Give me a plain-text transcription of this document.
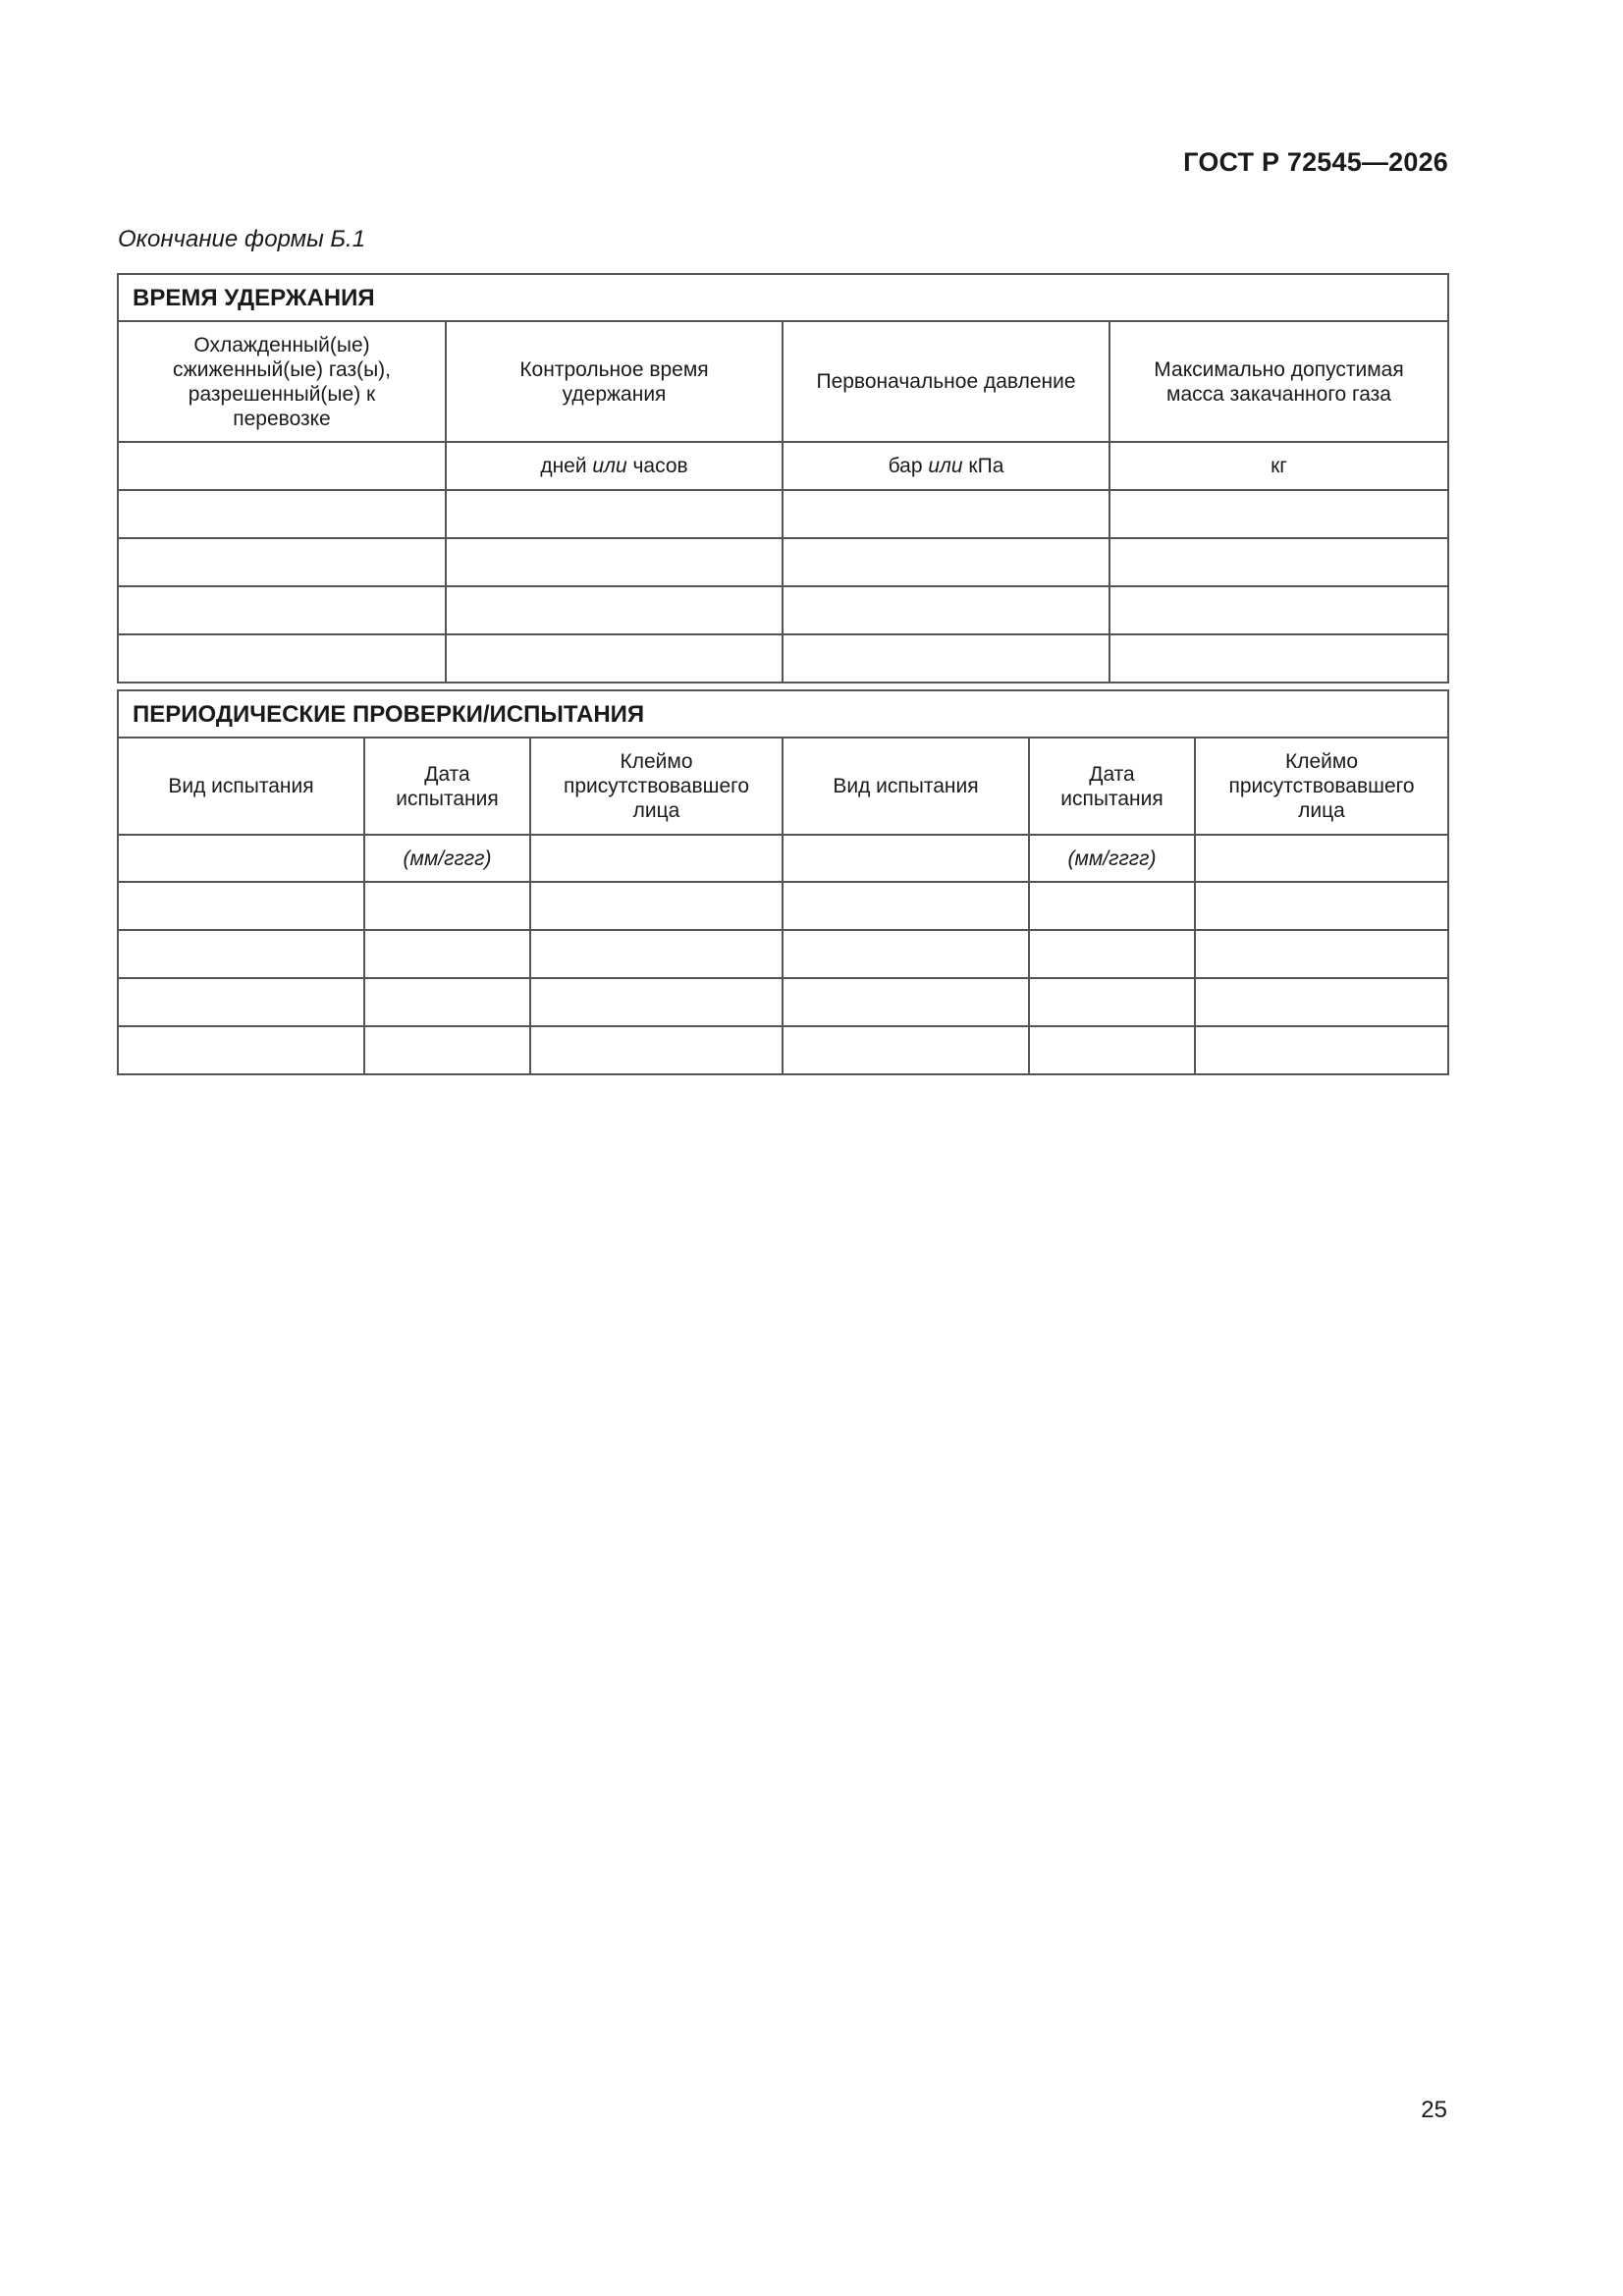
ГОСТ Р 72545—2026
Окончание формы Б.1
ВРЕМЯ УДЕРЖАНИЯ			
Охлажденный(ые) сжиженный(ые) газ(ы), разрешенный(ые) к перевозке	Контрольное время удержания	Первоначальное давление	Максимально допустимая масса закачанного газа
	дней или часов	бар или кПа	кг

ПЕРИОДИЧЕСКИЕ ПРОВЕРКИ/ИСПЫТАНИЯ					
Вид испытания	Дата испытания	Клеймо присутствовавшего лица	Вид испытания	Дата испытания	Клеймо присутствовавшего лица
	(мм/гггг)			(мм/гггг)	

25
